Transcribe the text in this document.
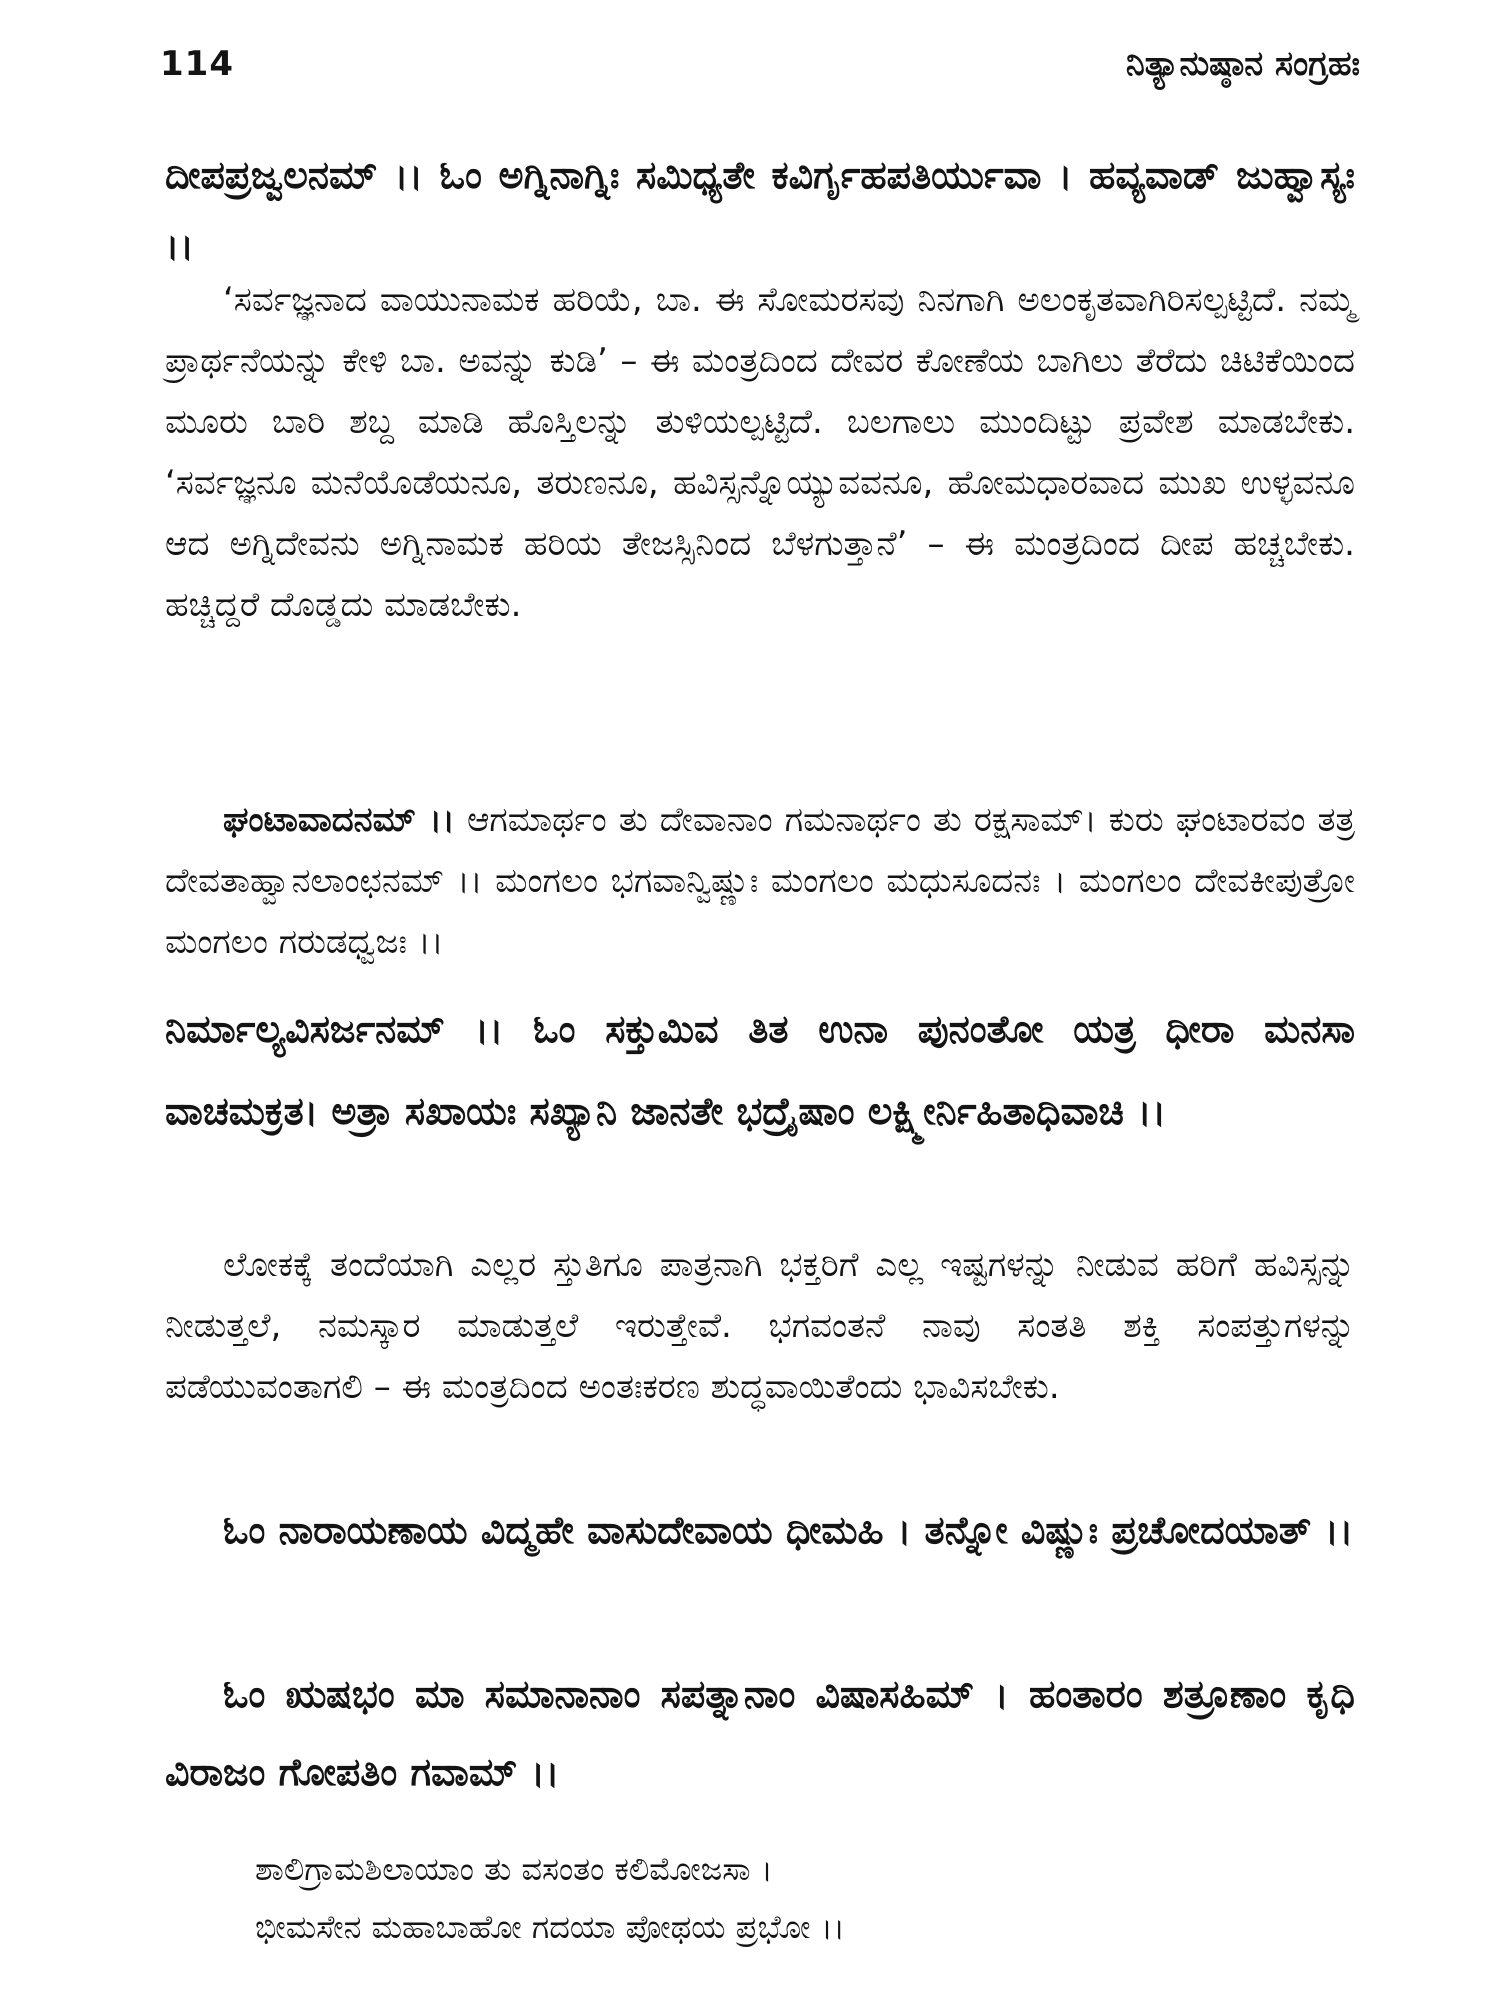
114	ನಿತ್ಯಾನುಷ್ಠಾನ ಸಂಗ್ರಹಃ

ದೀಪಪ್ರಜ್ವಲನಮ್ ।। ಓಂ ಅಗ್ನಿನಾಗ್ನಿಃ ಸಮಿಧ್ಯತೇ ಕವಿರ್ಗೃಹಪತಿರ್ಯುವಾ । ಹವ್ಯವಾಡ್ ಜುಹ್ವಾಸ್ಯಃ ।।

‘ಸರ್ವಜ್ಞನಾದ ವಾಯುನಾಮಕ ಹರಿಯೆ, ಬಾ. ಈ ಸೋಮರಸವು ನಿನಗಾಗಿ ಅಲಂಕೃತವಾಗಿರಿಸಲ್ಪಟ್ಟಿದೆ. ನಮ್ಮ ಪ್ರಾರ್ಥನೆಯನ್ನು ಕೇಳಿ ಬಾ. ಅವನ್ನು ಕುಡಿ’ – ಈ ಮಂತ್ರದಿಂದ ದೇವರ ಕೋಣೆಯ ಬಾಗಿಲು ತೆರೆದು ಚಿಟಿಕೆಯಿಂದ ಮೂರು ಬಾರಿ ಶಬ್ದ ಮಾಡಿ ಹೊಸ್ತಿಲನ್ನು ತುಳಿಯಲ್ಪಟ್ಟಿದೆ. ಬಲಗಾಲು ಮುಂದಿಟ್ಟು ಪ್ರವೇಶ ಮಾಡಬೇಕು. ‘ಸರ್ವಜ್ಞನೂ ಮನೆಯೊಡೆಯನೂ, ತರುಣನೂ, ಹವಿಸ್ಸನ್ನೊಯ್ಯುವವನೂ, ಹೋಮಧಾರವಾದ ಮುಖ ಉಳ್ಳವನೂ ಆದ ಅಗ್ನಿದೇವನು ಅಗ್ನಿನಾಮಕ ಹರಿಯ ತೇಜಸ್ಸಿನಿಂದ ಬೆಳಗುತ್ತಾನೆ’ – ಈ ಮಂತ್ರದಿಂದ ದೀಪ ಹಚ್ಚಬೇಕು. ಹಚ್ಚಿದ್ದರೆ ದೊಡ್ಡದು ಮಾಡಬೇಕು.

ಘಂಟಾವಾದನಮ್ ।। ಆಗಮಾರ್ಥಂ ತು ದೇವಾನಾಂ ಗಮನಾರ್ಥಂ ತು ರಕ್ಷಸಾಮ್। ಕುರು ಘಂಟಾರವಂ ತತ್ರ ದೇವತಾಹ್ವಾನಲಾಂಛನಮ್ ।। ಮಂಗಲಂ ಭಗವಾನ್ವಿಷ್ಣುಃ ಮಂಗಲಂ ಮಧುಸೂದನಃ । ಮಂಗಲಂ ದೇವಕೀಪುತ್ರೋ ಮಂಗಲಂ ಗರುಡಧ್ವಜಃ ।।

ನಿರ್ಮಾಲ್ಯವಿಸರ್ಜನಮ್ ।। ಓಂ ಸಕ್ತುಮಿವ ತಿತ ಉನಾ ಪುನಂತೋ ಯತ್ರ ಧೀರಾ ಮನಸಾ ವಾಚಮಕ್ರತ। ಅತ್ರಾ ಸಖಾಯಃ ಸಖ್ಯಾನಿ ಜಾನತೇ ಭದ್ರೈಷಾಂ ಲಕ್ಷ್ಮೀರ್ನಿಹಿತಾಧಿವಾಚಿ ।।

ಲೋಕಕ್ಕೆ ತಂದೆಯಾಗಿ ಎಲ್ಲರ ಸ್ತುತಿಗೂ ಪಾತ್ರನಾಗಿ ಭಕ್ತರಿಗೆ ಎಲ್ಲ ಇಷ್ಟಗಳನ್ನು ನೀಡುವ ಹರಿಗೆ ಹವಿಸ್ಸನ್ನು ನೀಡುತ್ತಲೆ, ನಮಸ್ಕಾರ ಮಾಡುತ್ತಲೆ ಇರುತ್ತೇವೆ. ಭಗವಂತನೆ ನಾವು ಸಂತತಿ ಶಕ್ತಿ ಸಂಪತ್ತುಗಳನ್ನು ಪಡೆಯುವಂತಾಗಲಿ – ಈ ಮಂತ್ರದಿಂದ ಅಂತಃಕರಣ ಶುದ್ಧವಾಯಿತೆಂದು ಭಾವಿಸಬೇಕು.

ಓಂ ನಾರಾಯಣಾಯ ವಿದ್ಮಹೇ ವಾಸುದೇವಾಯ ಧೀಮಹಿ । ತನ್ನೋ ವಿಷ್ಣುಃ ಪ್ರಚೋದಯಾತ್ ।।

ಓಂ ಋಷಭಂ ಮಾ ಸಮಾನಾನಾಂ ಸಪತ್ನಾನಾಂ ವಿಷಾಸಹಿಮ್ । ಹಂತಾರಂ ಶತ್ರೂಣಾಂ ಕೃಧಿ ವಿರಾಜಂ ಗೋಪತಿಂ ಗವಾಮ್ ।।

ಶಾಲಿಗ್ರಾಮಶಿಲಾಯಾಂ ತು ವಸಂತಂ ಕಲಿಮೋಜಸಾ ।
ಭೀಮಸೇನ ಮಹಾಬಾಹೋ ಗದಯಾ ಪೋಥಯ ಪ್ರಭೋ ।।
